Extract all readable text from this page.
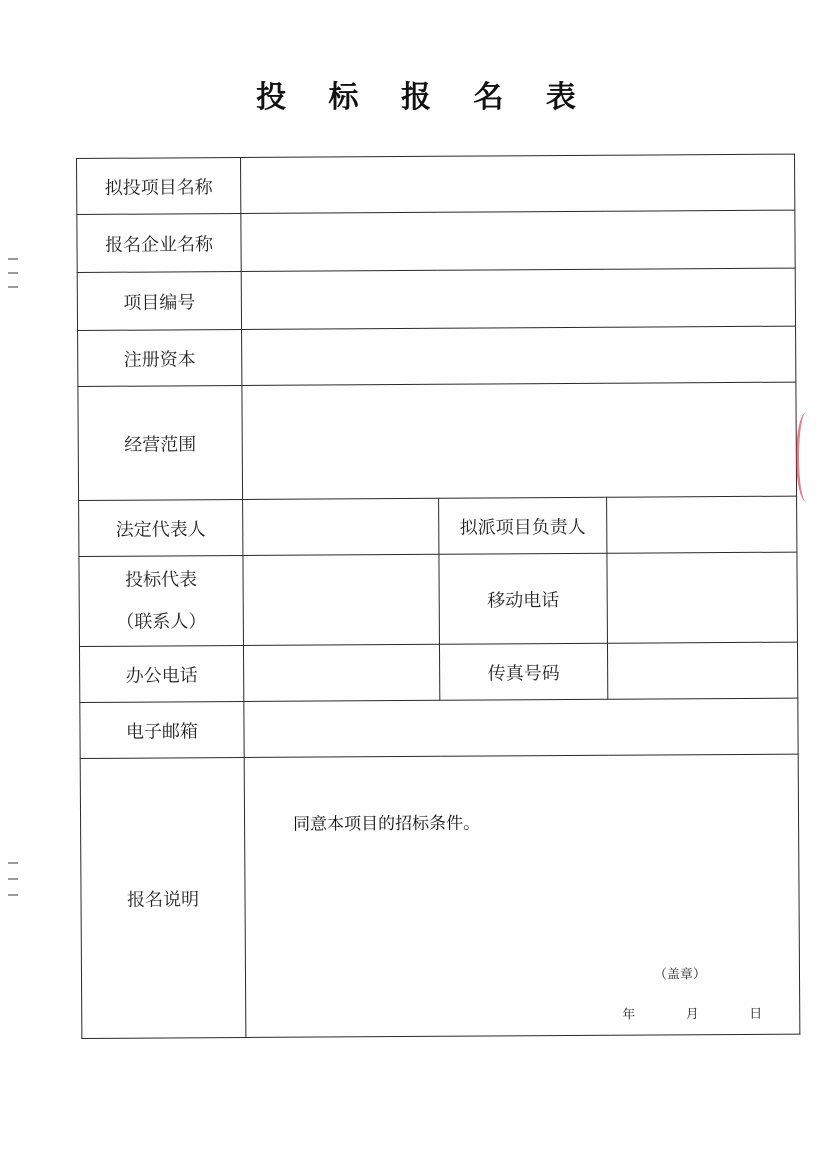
投 标 报 名 表
拟投项目名称			
报名企业名称			
项目编号			
注册资本			
经营范围			
法定代表人		拟派项目负责人	

投标代表
（联系人）		移动电话	
办公电话		传真号码	
电子邮箱			
报名说明	同意本项目的招标条件。
（盖章）
年 月 日		
